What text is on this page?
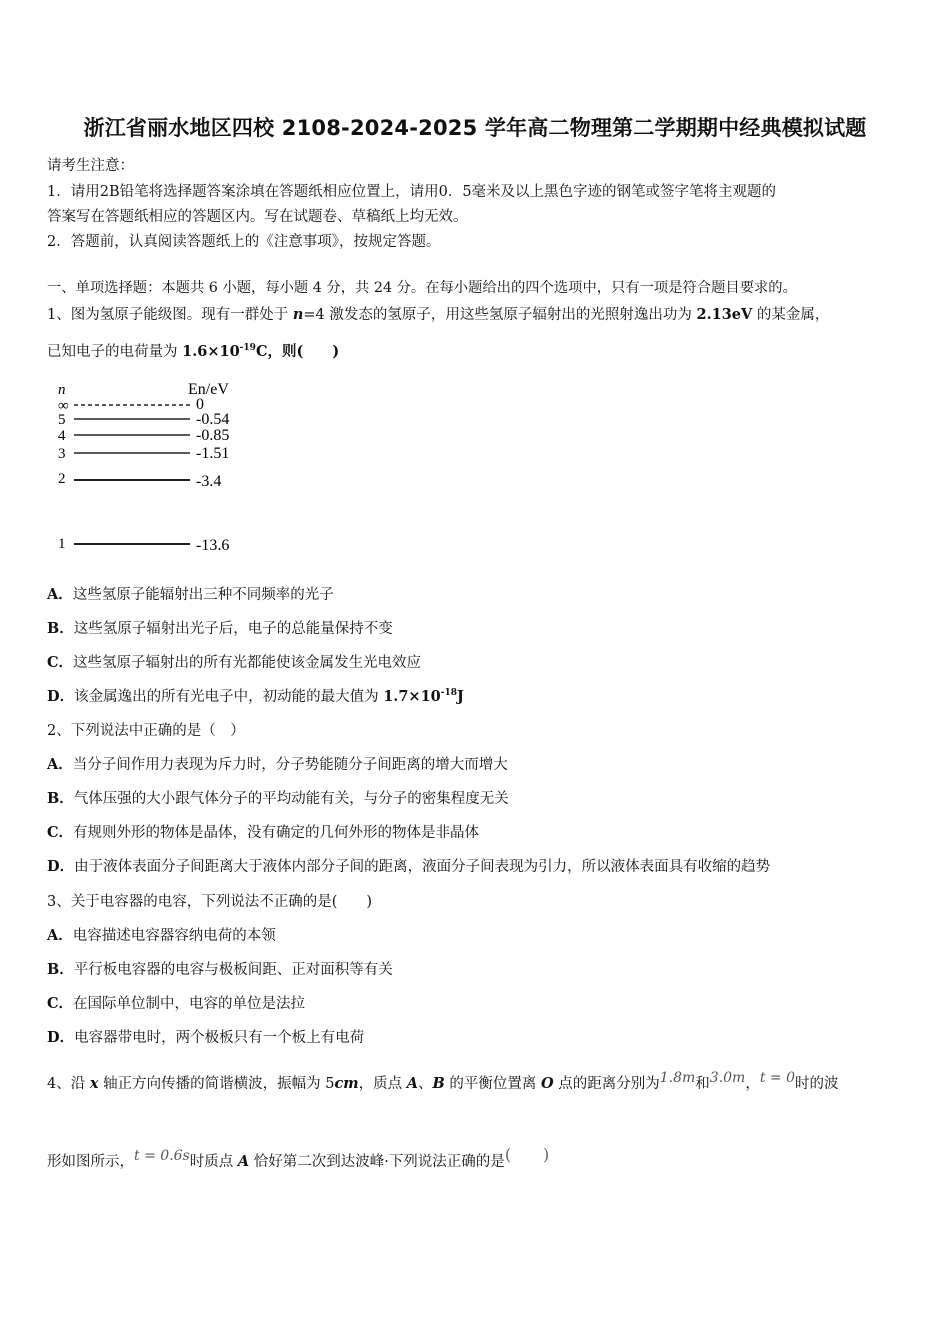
浙江省丽水地区四校 2108-2024-2025 学年高二物理第二学期期中经典模拟试题
请考生注意：
1．请用2B铅笔将选择题答案涂填在答题纸相应位置上，请用0．5毫米及以上黑色字迹的钢笔或签字笔将主观题的
答案写在答题纸相应的答题区内。写在试题卷、草稿纸上均无效。
2．答题前，认真阅读答题纸上的《注意事项》，按规定答题。
一、单项选择题：本题共 6 小题，每小题 4 分，共 24 分。在每小题给出的四个选项中，只有一项是符合题目要求的。
1、图为氢原子能级图。现有一群处于 n=4 激发态的氢原子，用这些氢原子辐射出的光照射逸出功为 2.13eV 的某金属，
已知电子的电荷量为 $1.6\times 10^{-19}C$，则(　　)
n	En/eV
∞	0
5	-0.54
4	-0.85
3	-1.51
2	-3.4
1	-13.6
A．这些氢原子能辐射出三种不同频率的光子
B．这些氢原子辐射出光子后，电子的总能量保持不变
C．这些氢原子辐射出的所有光都能使该金属发生光电效应
D．该金属逸出的所有光电子中，初动能的最大值为 $1.7\times 10^{-18}J$
2、下列说法中正确的是（　）
A．当分子间作用力表现为斥力时，分子势能随分子间距离的增大而增大
B．气体压强的大小跟气体分子的平均动能有关，与分子的密集程度无关
C．有规则外形的物体是晶体，没有确定的几何外形的物体是非晶体
D．由于液体表面分子间距离大于液体内部分子间的距离，液面分子间表现为引力，所以液体表面具有收缩的趋势
3、关于电容器的电容，下列说法不正确的是(　　)
A．电容描述电容器容纳电荷的本领
B．平行板电容器的电容与极板间距、正对面积等有关
C．在国际单位制中，电容的单位是法拉
D．电容器带电时，两个极板只有一个板上有电荷
4、沿 x 轴正方向传播的简谐横波，振幅为 5cm，质点 A、B 的平衡位置离 O 点的距离分别为1.8m和3.0m，t = 0时的波
形如图所示，t = 0.6s时质点 A 恰好第二次到达波峰·下列说法正确的是(　　)
